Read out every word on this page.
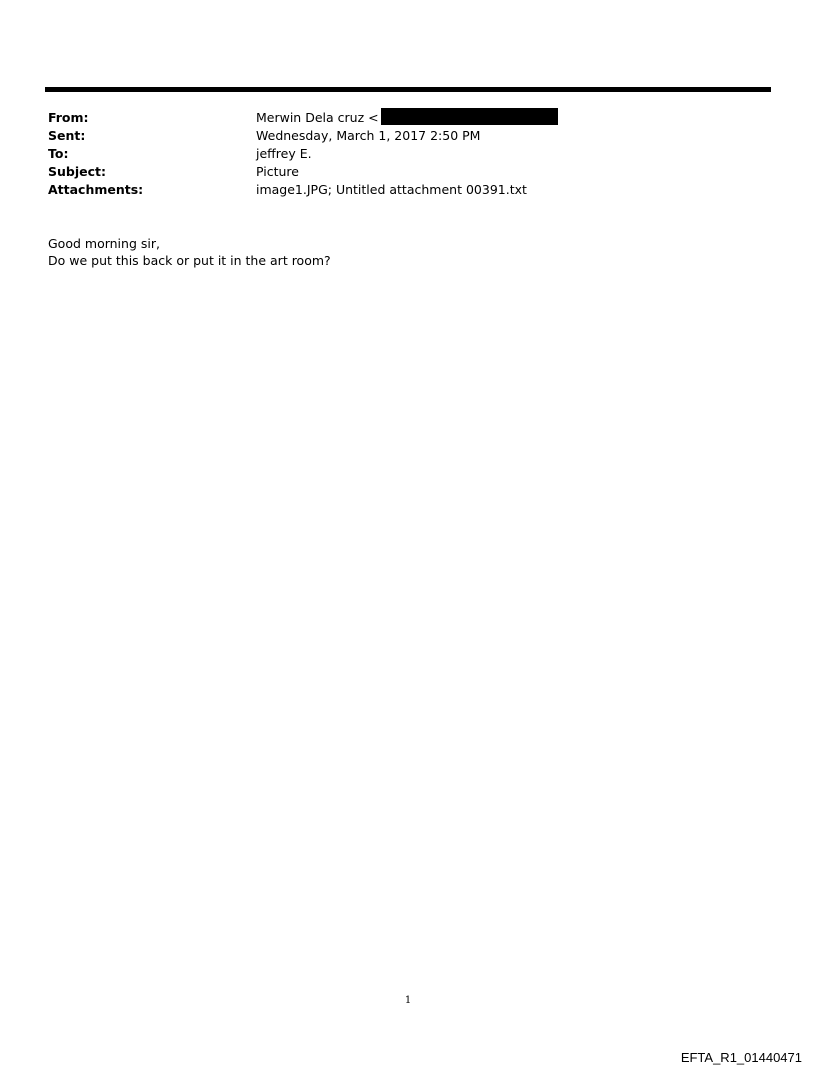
From:	Merwin Dela cruz <
Sent:	Wednesday, March 1, 2017 2:50 PM
To:	jeffrey E.
Subject:	Picture
Attachments:	image1.JPG; Untitled attachment 00391.txt
Good morning sir,
Do we put this back or put it in the art room?
1
EFTA_R1_01440471
